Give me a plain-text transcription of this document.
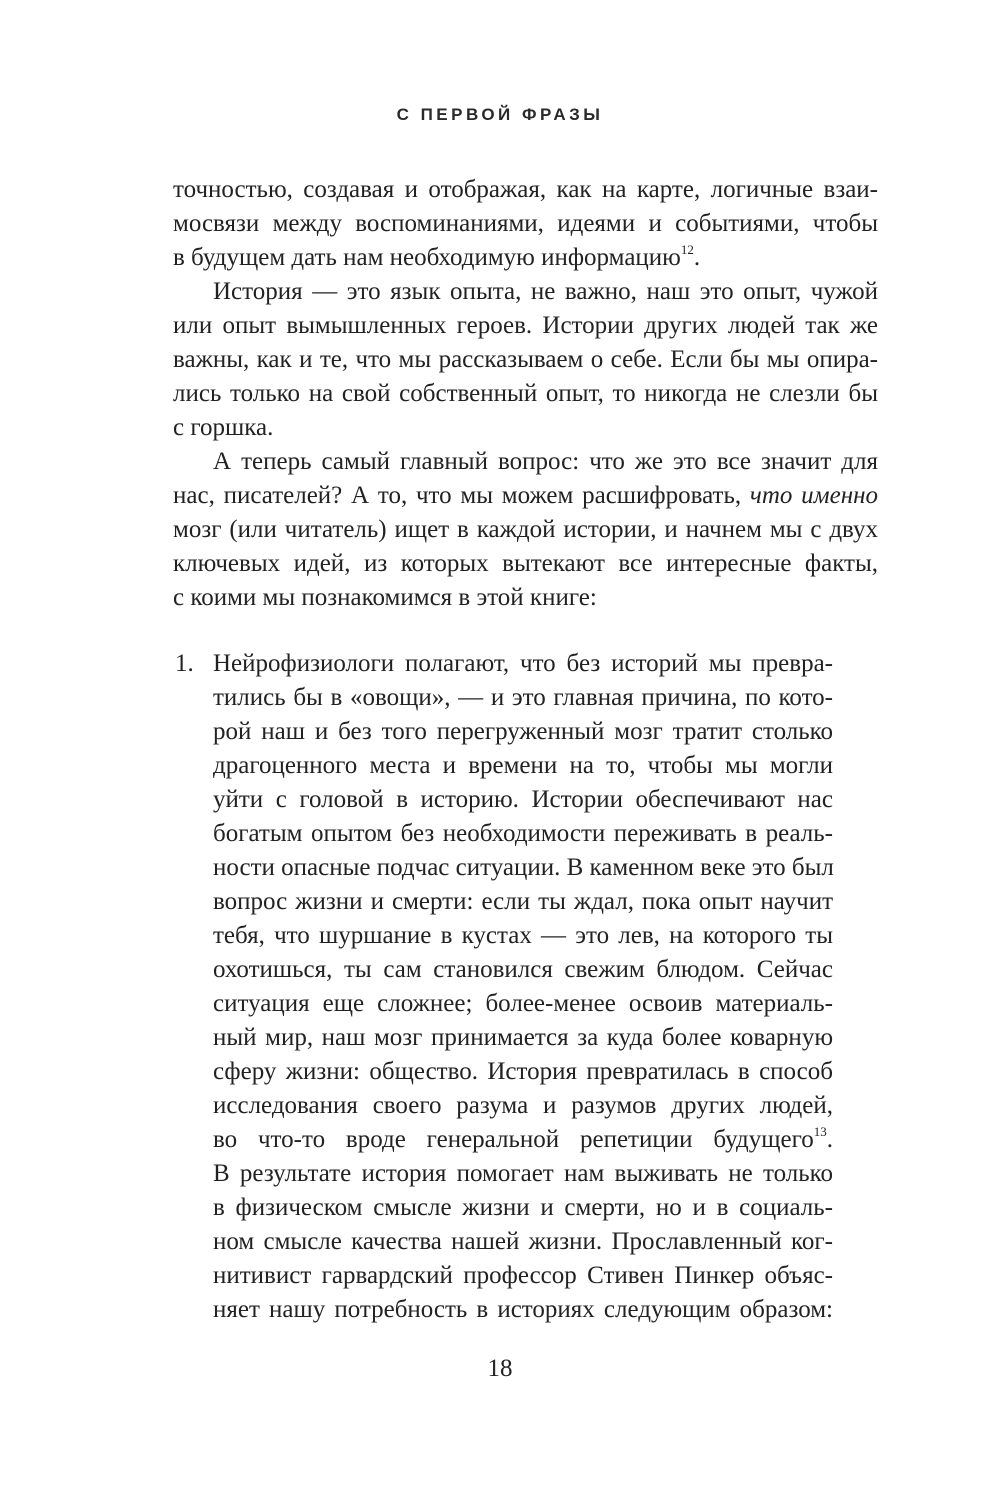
С ПЕРВОЙ ФРАЗЫ
точностью, создавая и отображая, как на карте, логичные взаи-
мосвязи между воспоминаниями, идеями и событиями, чтобы
в будущем дать нам необходимую информацию$^{12}$.
История — это язык опыта, не важно, наш это опыт, чужой
или опыт вымышленных героев. Истории других людей так же
важны, как и те, что мы рассказываем о себе. Если бы мы опира-
лись только на свой собственный опыт, то никогда не слезли бы
с горшка.
А теперь самый главный вопрос: что же это все значит для
нас, писателей? А то, что мы можем расшифровать, что именно
мозг (или читатель) ищет в каждой истории, и начнем мы с двух
ключевых идей, из которых вытекают все интересные факты,
с коими мы познакомимся в этой книге:
1. Нейрофизиологи полагают, что без историй мы превра-
тились бы в «овощи», — и это главная причина, по кото-
рой наш и без того перегруженный мозг тратит столько
драгоценного места и времени на то, чтобы мы могли
уйти с головой в историю. Истории обеспечивают нас
богатым опытом без необходимости переживать в реаль-
ности опасные подчас ситуации. В каменном веке это был
вопрос жизни и смерти: если ты ждал, пока опыт научит
тебя, что шуршание в кустах — это лев, на которого ты
охотишься, ты сам становился свежим блюдом. Сейчас
ситуация еще сложнее; более-менее освоив материаль-
ный мир, наш мозг принимается за куда более коварную
сферу жизни: общество. История превратилась в способ
исследования своего разума и разумов других людей,
во что-то вроде генеральной репетиции будущего$^{13}$.
В результате история помогает нам выживать не только
в физическом смысле жизни и смерти, но и в социаль-
ном смысле качества нашей жизни. Прославленный ког-
нитивист гарвардский профессор Стивен Пинкер объяс-
няет нашу потребность в историях следующим образом:
18
